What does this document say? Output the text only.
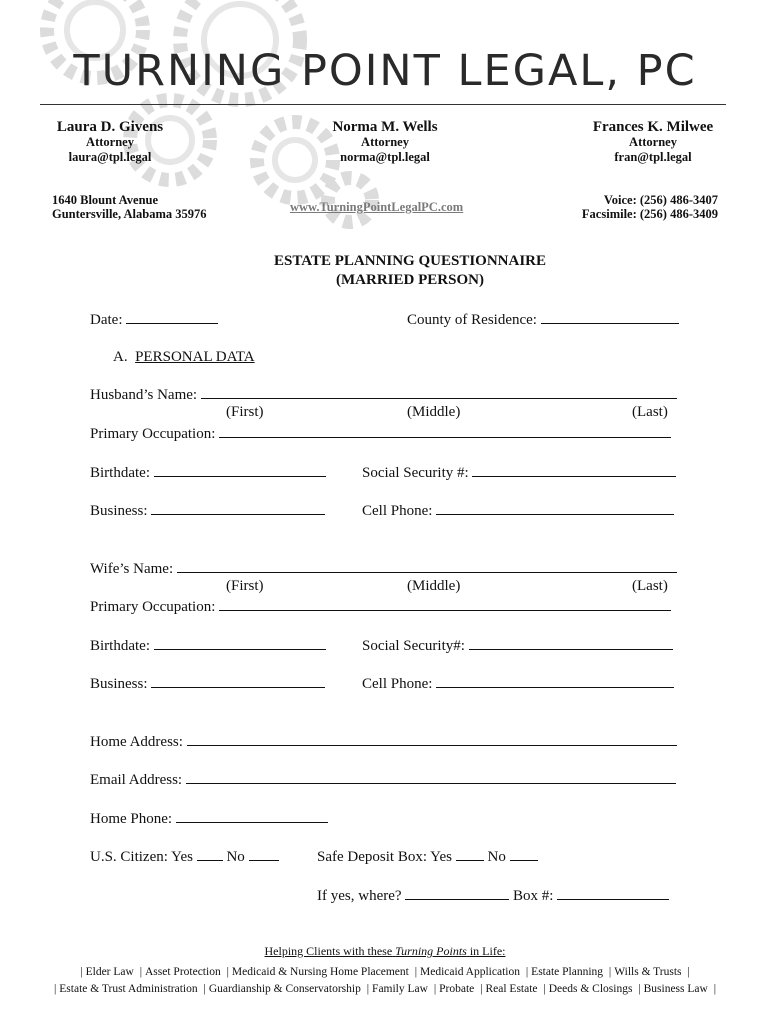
TURNING POINT LEGAL, PC
Laura D. Givens
Attorney
laura@tpl.legal
Norma M. Wells
Attorney
norma@tpl.legal
Frances K. Milwee
Attorney
fran@tpl.legal
1640 Blount Avenue
Guntersville, Alabama 35976	www.TurningPointLegalPC.com	Voice: (256) 486-3407
Facsimile: (256) 486-3409
ESTATE PLANNING QUESTIONNAIRE
(MARRIED PERSON)
Date:	County of Residence:
A. PERSONAL DATA
Husband’s Name:
(First)	(Middle)	(Last)
Primary Occupation:
Birthdate:	Social Security #:
Business:	Cell Phone:
Wife’s Name:
(First)	(Middle)	(Last)
Primary Occupation:
Birthdate:	Social Security#:
Business:	Cell Phone:
Home Address:
Email Address:
Home Phone:
U.S. Citizen: Yes No	Safe Deposit Box: Yes No
If yes, where?	Box #:
Helping Clients with these Turning Points in Life:
| Elder Law | Asset Protection | Medicaid & Nursing Home Placement | Medicaid Application | Estate Planning | Wills & Trusts |
| Estate & Trust Administration | Guardianship & Conservatorship | Family Law | Probate | Real Estate | Deeds & Closings | Business Law |
